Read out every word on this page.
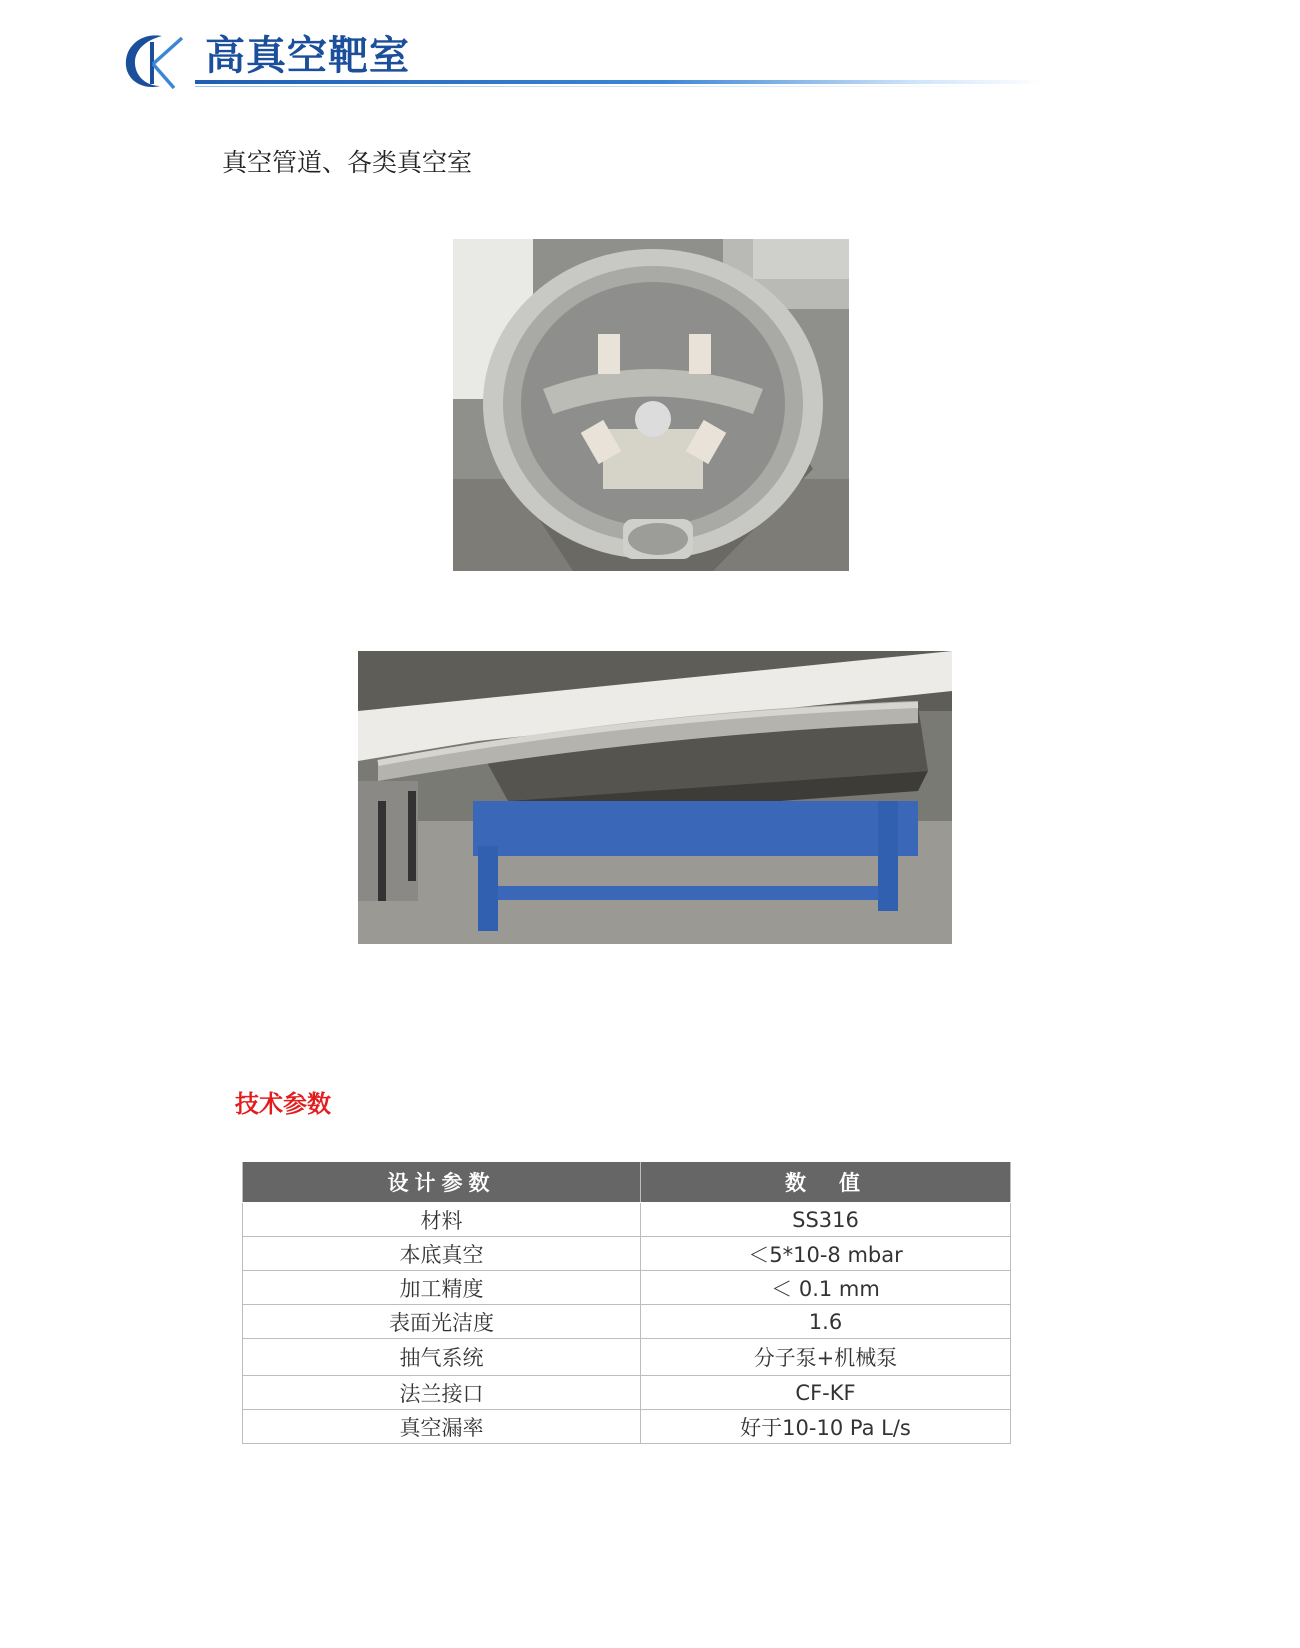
高真空靶室
真空管道、各类真空室
技术参数
设计参数	数　值
材料	SS316
本底真空	＜5*10-8 mbar
加工精度	＜ 0.1 mm
表面光洁度	1.6
抽气系统	分子泵+机械泵
法兰接口	CF-KF
真空漏率	好于10-10 Pa L/s
